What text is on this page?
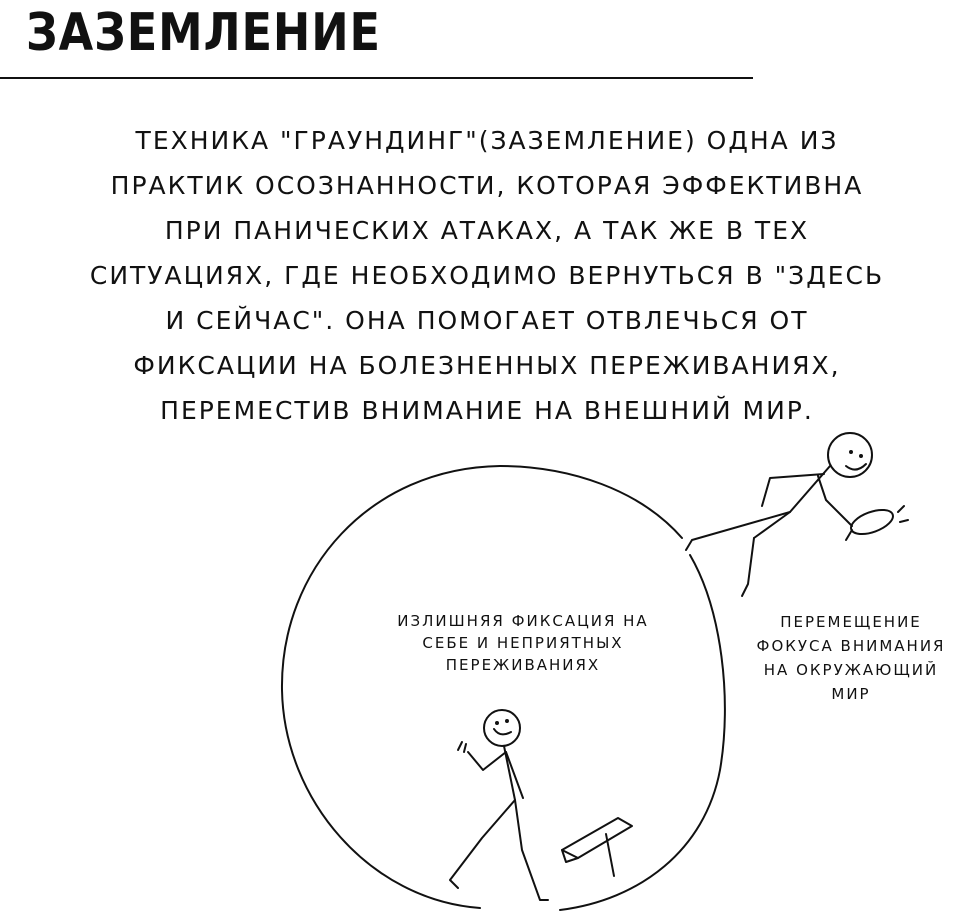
ЗАЗЕМЛЕНИЕ
ТЕХНИКА "ГРАУНДИНГ"(ЗАЗЕМЛЕНИЕ) ОДНА ИЗ
ПРАКТИК ОСОЗНАННОСТИ, КОТОРАЯ ЭФФЕКТИВНА
ПРИ ПАНИЧЕСКИХ АТАКАХ, А ТАК ЖЕ В ТЕХ
СИТУАЦИЯХ, ГДЕ НЕОБХОДИМО ВЕРНУТЬСЯ В "ЗДЕСЬ
И СЕЙЧАС". ОНА ПОМОГАЕТ ОТВЛЕЧЬСЯ ОТ
ФИКСАЦИИ НА БОЛЕЗНЕННЫХ ПЕРЕЖИВАНИЯХ,
ПЕРЕМЕСТИВ ВНИМАНИЕ НА ВНЕШНИЙ МИР.
ИЗЛИШНЯЯ ФИКСАЦИЯ НА
СЕБЕ И НЕПРИЯТНЫХ
ПЕРЕЖИВАНИЯХ
ПЕРЕМЕЩЕНИЕ
ФОКУСА ВНИМАНИЯ
НА ОКРУЖАЮЩИЙ
МИР
